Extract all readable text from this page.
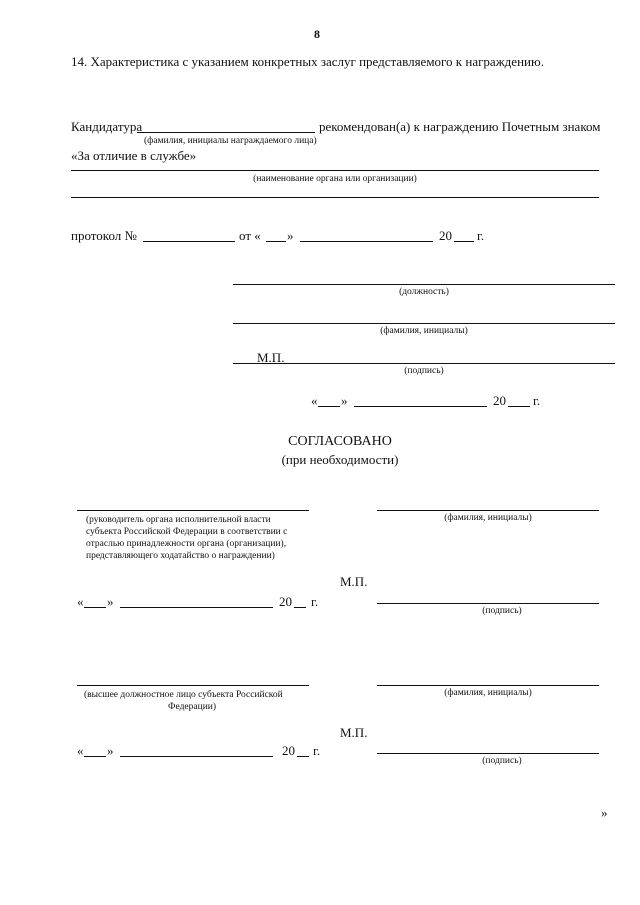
8
14. Характеристика с указанием конкретных заслуг представляемого к награждению.
Кандидатура	рекомендован(а) к награждению Почетным знаком
(фамилия, инициалы награждаемого лица)
«За отличие в службе»
(наименование органа или организации)
протокол №	от « »	20 г.
(должность)
(фамилия, инициалы)
М.П.
(подпись)
« »	20 г.
СОГЛАСОВАНО
(при необходимости)
(руководитель органа исполнительной власти
субъекта Российской Федерации в соответствии с
отраслью принадлежности органа (организации),
представляющего ходатайство о награждении)
(фамилия, инициалы)
М.П.
« »	20 г.
(подпись)
(высшее должностное лицо субъекта Российской
Федерации)
(фамилия, инициалы)
М.П.
« »	20 г.
(подпись)
»
